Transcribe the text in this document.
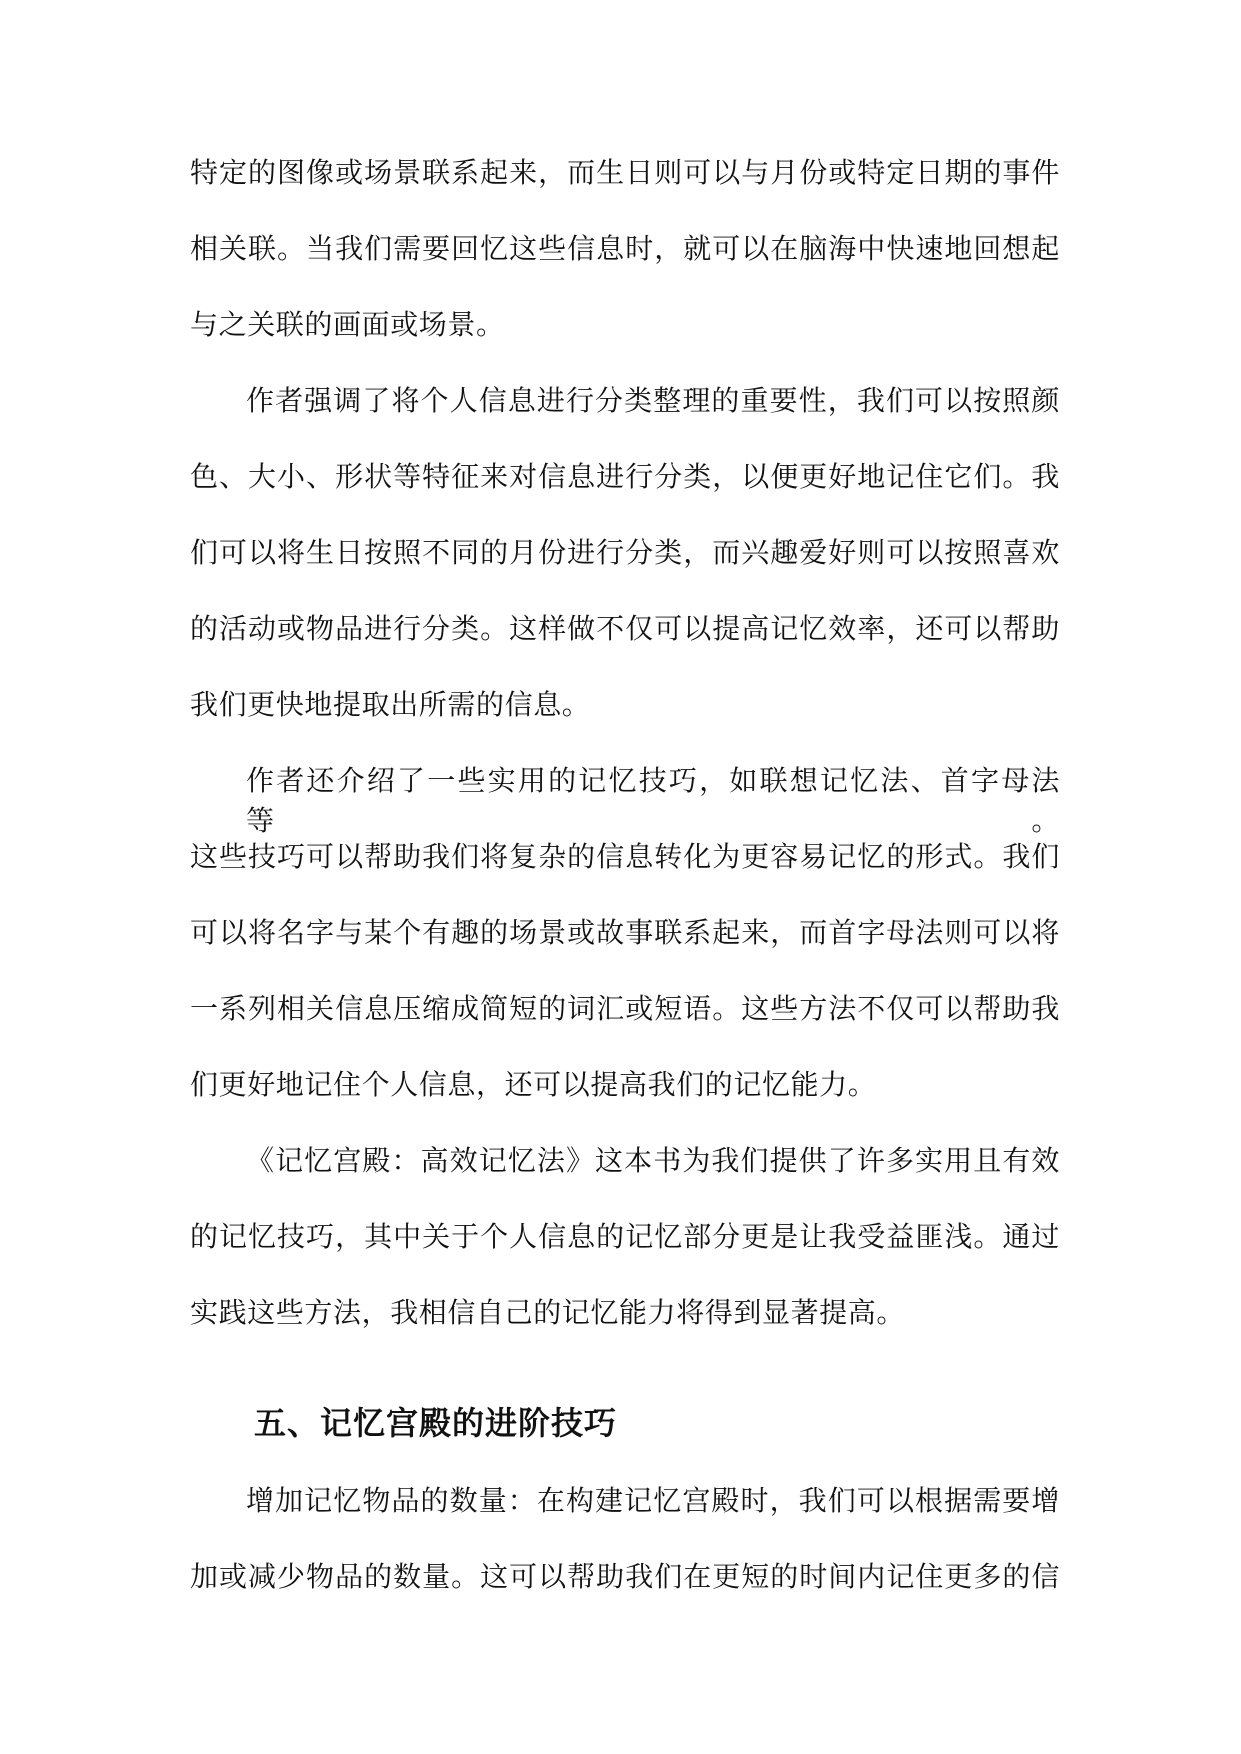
特定的图像或场景联系起来，而生日则可以与月份或特定日期的事件
相关联。当我们需要回忆这些信息时，就可以在脑海中快速地回想起
与之关联的画面或场景。
作者强调了将个人信息进行分类整理的重要性，我们可以按照颜
色、大小、形状等特征来对信息进行分类，以便更好地记住它们。我
们可以将生日按照不同的月份进行分类，而兴趣爱好则可以按照喜欢
的活动或物品进行分类。这样做不仅可以提高记忆效率，还可以帮助
我们更快地提取出所需的信息。
作者还介绍了一些实用的记忆技巧，如联想记忆法、首字母法等。
这些技巧可以帮助我们将复杂的信息转化为更容易记忆的形式。我们
可以将名字与某个有趣的场景或故事联系起来，而首字母法则可以将
一系列相关信息压缩成简短的词汇或短语。这些方法不仅可以帮助我
们更好地记住个人信息，还可以提高我们的记忆能力。
《记忆宫殿：高效记忆法》这本书为我们提供了许多实用且有效
的记忆技巧，其中关于个人信息的记忆部分更是让我受益匪浅。通过
实践这些方法，我相信自己的记忆能力将得到显著提高。
五、记忆宫殿的进阶技巧
增加记忆物品的数量：在构建记忆宫殿时，我们可以根据需要增
加或减少物品的数量。这可以帮助我们在更短的时间内记住更多的信
